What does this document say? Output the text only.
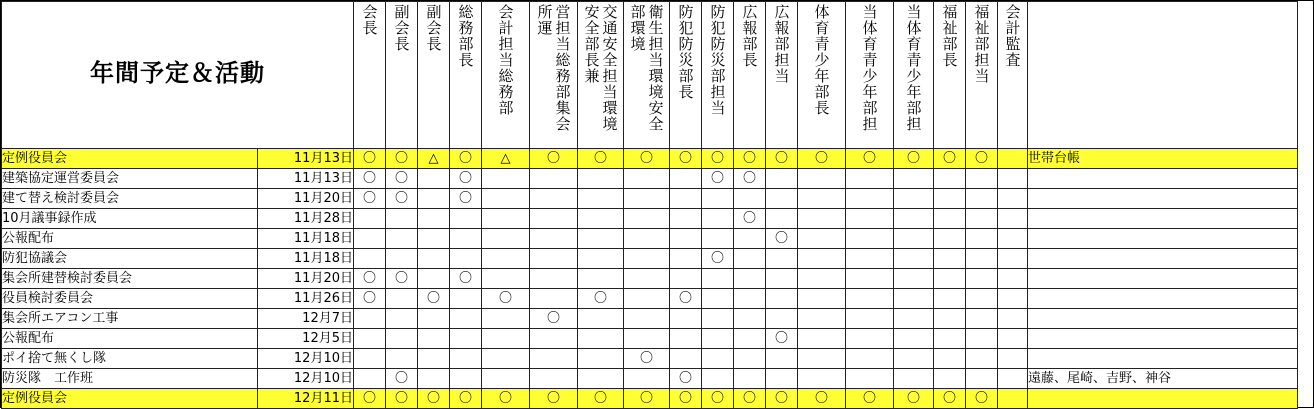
年間予定＆活動		会長	副会長	副会長	総務部長	会計担当総務部	営担当総務部集会所運	交通安全担当環境安全部長兼	衛生担当環境安全部環境	防犯防災部長	防犯防災部担当	広報部長	広報部担当	体育青少年部長	当体育青少年部担	当体育青少年部担	福祉部長	福祉部担当	会計監査	

定例役員会	11月13日	〇	〇	△	〇	△	〇	〇	〇	〇	〇	〇	〇	〇	〇	〇	〇	〇		世帯台帳
建築協定運営委員会	11月13日	〇	〇		〇						〇	〇								
建て替え検討委員会	11月20日	〇	〇		〇															
10月議事録作成	11月28日											〇								
公報配布	11月18日												〇							
防犯協議会	11月18日										〇									
集会所建替検討委員会	11月20日	〇	〇		〇															
役員検討委員会	11月26日	〇		〇		〇		〇		〇										
集会所エアコン工事	12月7日						〇													
公報配布	12月5日												〇							
ポイ捨て無くし隊	12月10日								〇											
防災隊　工作班	12月10日		〇							〇										遠藤、尾崎、吉野、神谷
定例役員会	12月11日	〇	〇	〇	〇	〇	〇	〇	〇	〇	〇	〇	〇	〇	〇	〇	〇	〇		
